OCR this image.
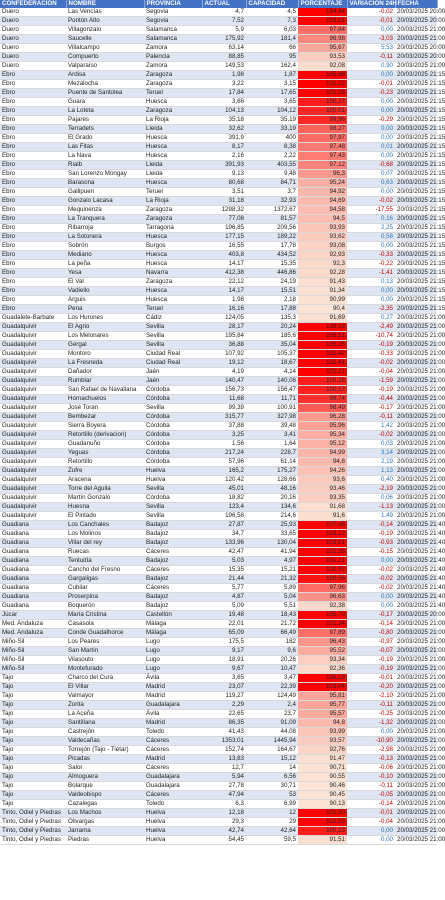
CONFEDERACION	NOMBRE	PROVINCIA	ACTUAL	CAPACIDAD	PORCENTAJE	VARIACION 24H	FECHA
Duero	Las Vencías	Segovia	4,7	4,5	104,44	-0,02	20/03/2025 20:00
Duero	Pontón Alto	Segovia	7,52	7,3	103,01	-0,01	20/03/2025 20:00
Duero	Villagonzalo	Salamanca	5,9	6,03	97,84	0,00	20/03/2025 21:00
Duero	Saucelle	Salamanca	175,92	181,4	96,98	-3,03	20/03/2025 21:00
Duero	Villalcampo	Zamora	63,14	66	95,67	5,53	20/03/2025 20:00
Duero	Compuerto	Palencia	88,85	95	93,53	-0,11	20/03/2025 20:00
Duero	Valparaíso	Zamora	149,53	162,4	92,08	0,90	20/03/2025 21:00
Ebro	Ardisa	Zaragoza	1,98	1,87	105,88	0,00	20/03/2025 21:15
Ebro	Mezalocha	Zaragoza	3,22	3,15	102,22	-0,01	20/03/2025 21:15
Ebro	Puente de Santolea	Teruel	17,84	17,65	101,08	-0,23	20/03/2025 21:15
Ebro	Guara	Huesca	3,66	3,65	100,27	0,00	20/03/2025 21:15
Ebro	La Loteta	Zaragoza	104,13	104,12	100,01	0,00	20/03/2025 21:15
Ebro	Pajares	La Rioja	35,18	35,19	99,96	-0,29	20/03/2025 21:15
Ebro	Terradets	Lleida	32,62	33,19	98,27	0,00	20/03/2025 21:15
Ebro	El Grado	Huesca	391,9	400	97,97	0,00	20/03/2025 21:15
Ebro	Las Fitas	Huesca	8,17	8,38	97,48	0,01	20/03/2025 21:15
Ebro	La Nava	Huesca	2,16	2,22	97,43	0,00	20/03/2025 21:15
Ebro	Rialb	Lleida	391,93	403,55	97,12	-0,68	20/03/2025 21:15
Ebro	San Lorenzo Mongay	Lleida	9,13	9,48	96,3	0,07	20/03/2025 21:15
Ebro	Barasona	Huesca	80,68	84,71	95,24	0,63	20/03/2025 21:15
Ebro	Gallipuen	Teruel	3,51	3,7	94,92	0,00	20/03/2025 21:15
Ebro	Gonzalo Lacasa	La Rioja	31,18	32,93	94,69	-0,02	20/03/2025 21:15
Ebro	Mequinenza	Zaragoza	1298,32	1372,67	94,58	-17,55	20/03/2025 21:15
Ebro	La Tranquera	Zaragoza	77,08	81,57	94,5	0,16	20/03/2025 21:15
Ebro	Ribarroja	Tarragona	196,85	209,56	93,93	2,25	20/03/2025 21:15
Ebro	La Sotonera	Huesca	177,15	189,22	93,62	0,58	20/03/2025 21:15
Ebro	Sobrón	Burgos	16,55	17,78	93,08	0,00	20/03/2025 21:15
Ebro	Mediano	Huesca	403,8	434,52	92,93	-0,33	20/03/2025 21:15
Ebro	La peña	Huesca	14,17	15,35	92,3	-0,22	20/03/2025 21:15
Ebro	Yesa	Navarra	412,38	446,86	92,28	-1,41	20/03/2025 21:15
Ebro	El Val	Zaragoza	22,12	24,19	91,43	0,13	20/03/2025 21:15
Ebro	Vadiello	Huesca	14,17	15,51	91,34	0,00	20/03/2025 21:15
Ebro	Arguis	Huesca	1,98	2,18	90,99	0,00	20/03/2025 21:15
Ebro	Pena	Teruel	16,16	17,88	90,4	-2,35	20/03/2025 21:15
Guadalete-Barbate	Los Hurones	Cádiz	124,05	135,3	91,69	0,27	20/03/2025 21:00
Guadalquivir	El Agrio	Sevilla	28,17	20,24	139,18	-2,49	20/03/2025 21:00
Guadalquivir	Los Melonares	Sevilla	195,84	185,6	105,51	-10,74	20/03/2025 21:00
Guadalquivir	Gergal	Sevilla	36,88	35,04	105,25	-0,19	20/03/2025 21:00
Guadalquivir	Montoro	Ciudad Real	107,92	105,37	102,42	-0,33	20/03/2025 21:00
Guadalquivir	La Fresneda	Ciudad Real	19,12	18,67	102,41	-0,02	20/03/2025 21:00
Guadalquivir	Dañador	Jaén	4,19	4,14	101,21	-0,04	20/03/2025 21:00
Guadalquivir	Rumblar	Jaén	140,47	140,08	100,28	-1,59	20/03/2025 21:00
Guadalquivir	San Rafael de Navallana	Córdoba	156,73	156,47	100,17	-0,19	20/03/2025 21:00
Guadalquivir	Hornachuelos	Córdoba	11,68	11,71	99,74	-0,44	20/03/2025 21:00
Guadalquivir	José Toran	Sevilla	99,39	100,91	98,49	-0,17	20/03/2025 21:00
Guadalquivir	Bembezar	Córdoba	315,77	327,98	96,28	-0,11	20/03/2025 21:00
Guadalquivir	Sierra Boyera	Córdoba	37,88	39,48	95,96	1,42	20/03/2025 21:00
Guadalquivir	Retortillo (derivacion)	Córdoba	3,25	3,41	95,34	-0,02	20/03/2025 21:00
Guadalquivir	Guadanuño	Córdoba	1,56	1,64	95,12	0,03	20/03/2025 21:00
Guadalquivir	Yeguas	Córdoba	217,24	228,7	94,99	3,14	20/03/2025 21:00
Guadalquivir	Retortillo	Córdoba	57,96	61,14	94,8	2,19	20/03/2025 21:00
Guadalquivir	Zufre	Huelva	165,2	175,27	94,26	1,13	20/03/2025 21:00
Guadalquivir	Aracena	Huelva	120,42	128,66	93,6	0,40	20/03/2025 21:00
Guadalquivir	Torre del Aguila	Sevilla	45,01	48,16	93,46	-2,19	20/03/2025 21:00
Guadalquivir	Martín Gonzalo	Córdoba	18,82	20,16	93,35	0,06	20/03/2025 21:00
Guadalquivir	Huesna	Sevilla	123,4	134,6	91,68	-1,13	20/03/2025 21:00
Guadalquivir	El Pintado	Sevilla	196,58	214,6	91,6	1,49	20/03/2025 21:00
Guadiana	Los Canchales	Badajoz	27,87	25,93	107,48	-0,14	20/03/2025 21:40
Guadiana	Los Molinos	Badajoz	34,7	33,65	103,12	-0,19	20/03/2025 21:40
Guadiana	Villar del rey	Badajoz	133,96	130,04	103,01	-0,93	20/03/2025 21:40
Guadiana	Ruecas	Cáceres	42,47	41,94	101,26	-0,15	20/03/2025 21:40
Guadiana	Tentudía	Badajoz	5,03	4,97	101,21	0,00	20/03/2025 21:40
Guadiana	Cancho del Fresno	Cáceres	15,35	15,21	100,92	-0,02	20/03/2025 21:40
Guadiana	Gargaligas	Badajoz	21,44	21,32	100,56	-0,02	20/03/2025 21:40
Guadiana	Cubilar	Cáceres	5,77	5,89	97,96	-0,02	20/03/2025 21:40
Guadiana	Proserpina	Badajoz	4,87	5,04	96,63	0,00	20/03/2025 21:40
Guadiana	Boquerón	Badajoz	5,09	5,51	92,38	0,00	20/03/2025 21:40
Júcar	María Cristina	Castellón	19,48	18,43	105,70	-0,17	20/03/2025 20:00
Med. Andaluza	Casasola	Málaga	22,01	21,72	101,34	-0,14	20/03/2025 21:00
Med. Andaluza	Conde Guadalhorce	Málaga	65,09	66,49	97,89	-0,80	20/03/2025 21:00
Miño-Sil	Los Peares	Lugo	175,5	182	96,43	-0,97	20/03/2025 21:00
Miño-Sil	San Martín	Lugo	9,17	9,6	95,52	-0,07	20/03/2025 21:00
Miño-Sil	Vilasouto	Lugo	18,91	20,26	93,34	-0,19	20/03/2025 21:00
Miño-Sil	Montefurado	Lugo	9,67	10,47	92,36	-0,19	20/03/2025 21:00
Tajo	Charco del Cura	Ávila	3,65	3,47	105,19	-0,01	20/03/2025 21:00
Tajo	El Villar	Madrid	23,07	22,39	103,04	-0,20	20/03/2025 21:00
Tajo	Valmayor	Madrid	119,27	124,49	95,81	-2,10	20/03/2025 21:00
Tajo	Zorita	Guadalajara	2,29	2,4	95,77	-0,11	20/03/2025 21:00
Tajo	La Aceña	Ávila	22,65	23,7	95,57	-0,25	20/03/2025 21:00
Tajo	Santillana	Madrid	86,35	91,09	94,8	-1,32	20/03/2025 21:00
Tajo	Castrejón	Toledo	41,43	44,08	93,99	0,00	20/03/2025 21:00
Tajo	Valdecañas	Cáceres	1353,01	1445,94	93,57	-10,90	20/03/2025 21:00
Tajo	Torrejón (Tajo - Tiétar)	Cáceres	152,74	164,67	92,76	-2,98	20/03/2025 21:00
Tajo	Picadas	Madrid	13,83	15,12	91,47	-0,13	20/03/2025 21:00
Tajo	Salor	Cáceres	12,7	14	90,71	-0,06	20/03/2025 21:00
Tajo	Almoguera	Guadalajara	5,94	6,56	90,55	-0,10	20/03/2025 21:00
Tajo	Bolarque	Guadalajara	27,78	30,71	90,46	-0,11	20/03/2025 21:00
Tajo	Valdeobispo	Cáceres	47,94	53	90,45	-0,05	20/03/2025 21:00
Tajo	Cazalegas	Toledo	6,3	6,99	90,13	-0,14	20/03/2025 21:00
Tinto, Odiel y Piedras	Los Machos	Huelva	12,18	12	101,50	-0,01	20/03/2025 21:00
Tinto, Odiel y Piedras	Olivargas	Huelva	29,3	29	101,03	-0,04	20/03/2025 21:00
Tinto, Odiel y Piedras	Jarrama	Huelva	42,74	42,64	100,23	0,00	20/03/2025 21:00
Tinto, Odiel y Piedras	Piedras	Huelva	54,45	59,5	91,51	0,00	20/03/2025 21:00
